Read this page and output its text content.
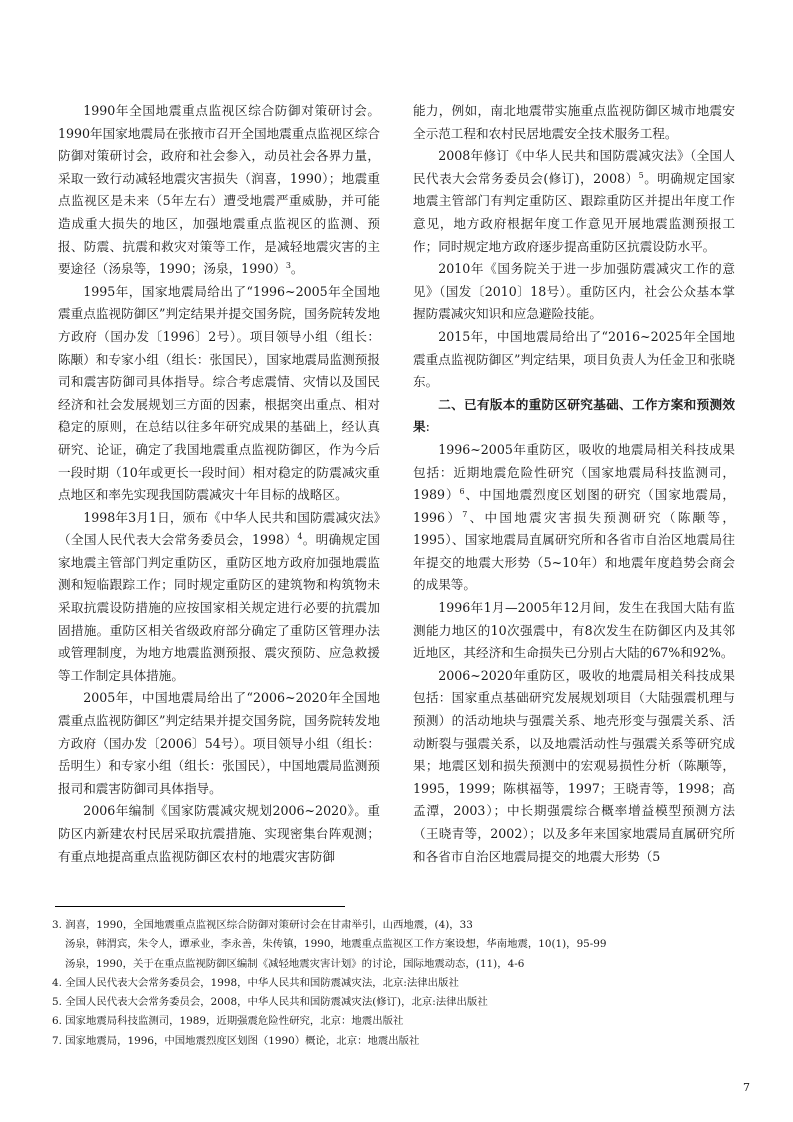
1990年全国地震重点监视区综合防御对策研讨会。1990年国家地震局在张掖市召开全国地震重点监视区综合防御对策研讨会，政府和社会参入，动员社会各界力量，采取一致行动减轻地震灾害损失（润喜，1990）；地震重点监视区是未来（5年左右）遭受地震严重威胁，并可能造成重大损失的地区，加强地震重点监视区的监测、预报、防震、抗震和救灾对策等工作，是减轻地震灾害的主要途径（汤泉等，1990；汤泉，1990）$^3$。

1995年，国家地震局给出了“1996~2005年全国地震重点监视防御区”判定结果并提交国务院，国务院转发地方政府（国办发〔1996〕2号）。项目领导小组（组长：陈颙）和专家小组（组长：张国民），国家地震局监测预报司和震害防御司具体指导。综合考虑震情、灾情以及国民经济和社会发展规划三方面的因素，根据突出重点、相对稳定的原则，在总结以往多年研究成果的基础上，经认真研究、论证，确定了我国地震重点监视防御区，作为今后一段时期（10年或更长一段时间）相对稳定的防震减灾重点地区和率先实现我国防震减灾十年目标的战略区。

1998年3月1日，颁布《中华人民共和国防震减灾法》（全国人民代表大会常务委员会，1998）$^4$。明确规定国家地震主管部门判定重防区，重防区地方政府加强地震监测和短临跟踪工作；同时规定重防区的建筑物和构筑物未采取抗震设防措施的应按国家相关规定进行必要的抗震加固措施。重防区相关省级政府部分确定了重防区管理办法或管理制度，为地方地震监测预报、震灾预防、应急救援等工作制定具体措施。

2005年，中国地震局给出了“2006~2020年全国地震重点监视防御区”判定结果并提交国务院，国务院转发地方政府（国办发〔2006〕54号）。项目领导小组（组长：岳明生）和专家小组（组长：张国民），中国地震局监测预报司和震害防御司具体指导。

2006年编制《国家防震减灾规划2006~2020》。重防区内新建农村民居采取抗震措施、实现密集台阵观测；有重点地提高重点监视防御区农村的地震灾害防御

能力，例如，南北地震带实施重点监视防御区城市地震安全示范工程和农村民居地震安全技术服务工程。

2008年修订《中华人民共和国防震减灾法》（全国人民代表大会常务委员会(修订)，2008）$^5$。明确规定国家地震主管部门有判定重防区、跟踪重防区并提出年度工作意见，地方政府根据年度工作意见开展地震监测预报工作；同时规定地方政府逐步提高重防区抗震设防水平。

2010年《国务院关于进一步加强防震减灾工作的意见》（国发〔2010〕18号）。重防区内，社会公众基本掌握防震减灾知识和应急避险技能。

2015年，中国地震局给出了“2016~2025年全国地震重点监视防御区”判定结果，项目负责人为任金卫和张晓东。

二、已有版本的重防区研究基础、工作方案和预测效果:

1996~2005年重防区，吸收的地震局相关科技成果包括：近期地震危险性研究（国家地震局科技监测司，1989）$^6$、中国地震烈度区划图的研究（国家地震局，1996）$^7$、中国地震灾害损失预测研究（陈颙等，1995）、国家地震局直属研究所和各省市自治区地震局往年提交的地震大形势（5~10年）和地震年度趋势会商会的成果等。

1996年1月—2005年12月间，发生在我国大陆有监测能力地区的10次强震中，有8次发生在防御区内及其邻近地区，其经济和生命损失已分别占大陆的67%和92%。

2006~2020年重防区，吸收的地震局相关科技成果包括：国家重点基础研究发展规划项目（大陆强震机理与预测）的活动地块与强震关系、地壳形变与强震关系、活动断裂与强震关系，以及地震活动性与强震关系等研究成果；地震区划和损失预测中的宏观易损性分析（陈颙等，1995，1999；陈棋福等，1997；王晓青等，1998；高孟潭，2003）；中长期强震综合概率增益模型预测方法（王晓青等，2002）；以及多年来国家地震局直属研究所和各省市自治区地震局提交的地震大形势（5

3. 润喜，1990，全国地震重点监视区综合防御对策研讨会在甘肃举引，山西地震，(4)，33
汤泉，韩渭宾，朱令人，谭承业，李永善，朱传镇，1990，地震重点监视区工作方案设想，华南地震，10(1)，95-99
汤泉，1990，关于在重点监视防御区编制《减轻地震灾害计划》的讨论，国际地震动态，(11)，4-6
4. 全国人民代表大会常务委员会，1998，中华人民共和国防震减灾法，北京:法律出版社
5. 全国人民代表大会常务委员会，2008，中华人民共和国防震减灾法(修订)，北京:法律出版社
6. 国家地震局科技监测司，1989，近期强震危险性研究，北京：地震出版社
7. 国家地震局，1996，中国地震烈度区划图（1990）概论，北京：地震出版社
7
